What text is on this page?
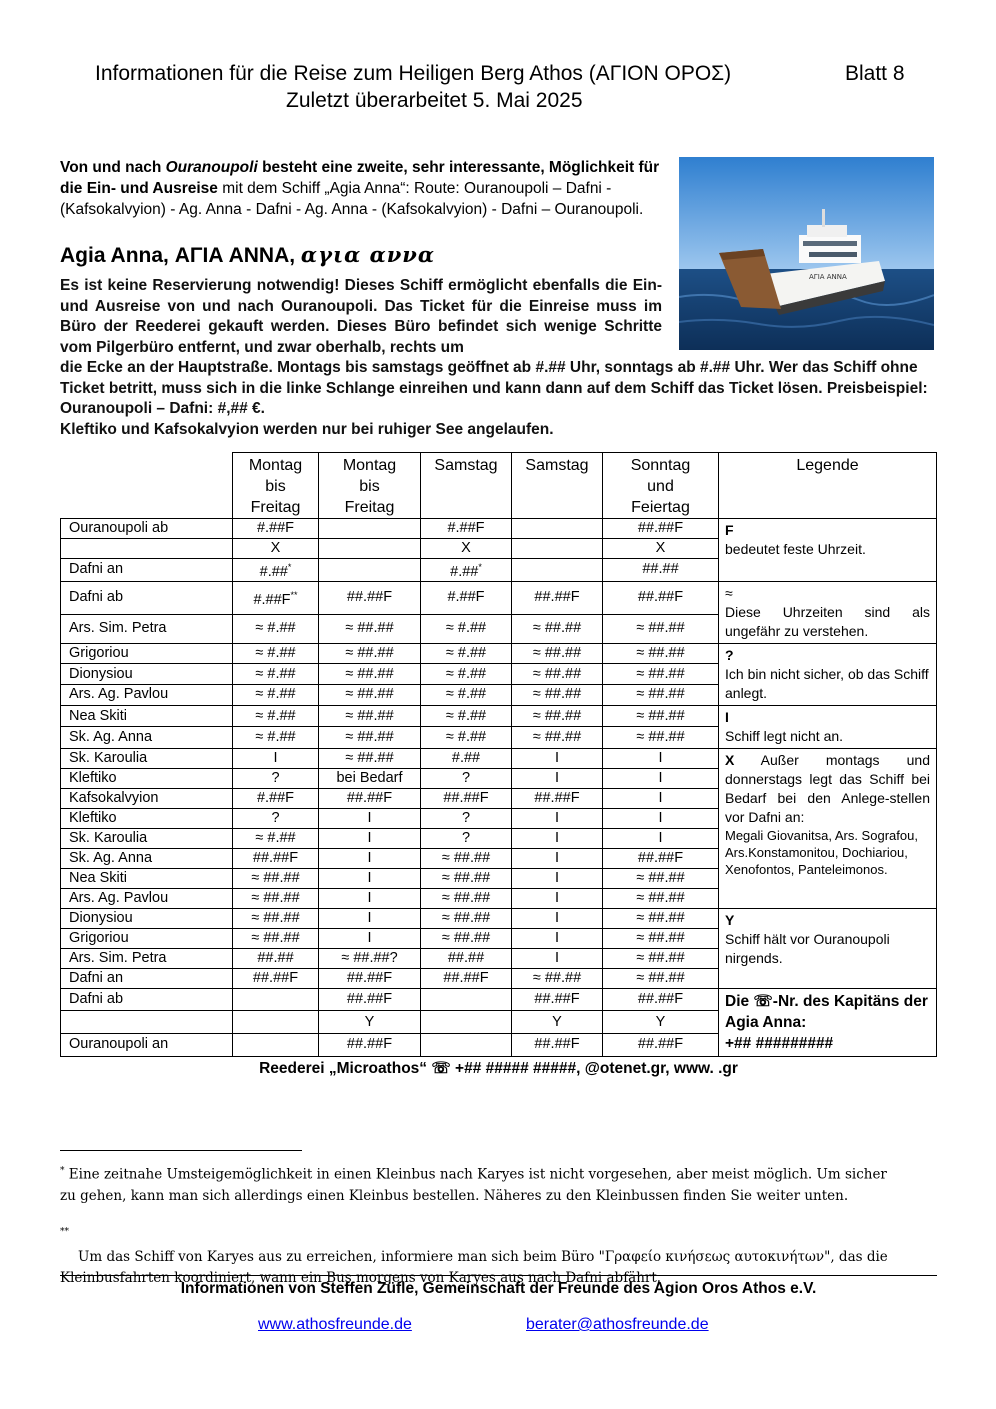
Informationen für die Reise zum Heiligen Berg Athos (ΑΓΙΟΝ ΟΡΟΣ)	Blatt 8
Zuletzt überarbeitet 5. Mai 2025
Von und nach Ouranoupoli besteht eine zweite, sehr interessante, Möglichkeit für die Ein- und Ausreise mit dem Schiff „Agia Anna“: Route: Ouranoupoli – Dafni - (Kafsokalvyion) - Ag. Anna - Dafni - Ag. Anna - (Kafsokalvyion) - Dafni – Ouranoupoli.
ΑΓΙΑ ΑΝΝΑ
Agia Anna, ΑΓΙΑ ΑΝΝΑ, αγια αννα
Es ist keine Reservierung notwendig! Dieses Schiff ermöglicht ebenfalls die Ein- und Ausreise von und nach Ouranoupoli. Das Ticket für die Einreise muss im Büro der Reederei gekauft werden. Dieses Büro befindet sich wenige Schritte vom Pilgerbüro entfernt, und zwar oberhalb, rechts um
die Ecke an der Hauptstraße. Montags bis samstags geöffnet ab #.## Uhr, sonntags ab #.## Uhr. Wer das Schiff ohne Ticket betritt, muss sich in die linke Schlange einreihen und kann dann auf dem Schiff das Ticket lösen. Preisbeispiel: Ouranoupoli – Dafni: #,## €.
Kleftiko und Kafsokalvyion werden nur bei ruhiger See angelaufen.
	Montag
bis
Freitag	Montag
bis
Freitag	Samstag	Samstag	Sonntag
und
Feiertag	Legende
Ouranoupoli ab	#.##F		#.##F		##.##F	F
bedeutet feste Uhrzeit.
	X		X		X	
Dafni an	#.##*		#.##*		##.##	
Dafni ab	#.##F**	##.##F	#.##F	##.##F	##.##F	≈

Diese Uhrzeiten sind als ungefähr zu verstehen.

Ars. Sim. Petra	≈ #.##	≈ ##.##	≈ #.##	≈ ##.##	≈ ##.##	
Grigoriou	≈ #.##	≈ ##.##	≈ #.##	≈ ##.##	≈ ##.##	?
Ich bin nicht sicher, ob das Schiff anlegt.
Dionysiou	≈ #.##	≈ ##.##	≈ #.##	≈ ##.##	≈ ##.##	
Ars. Ag. Pavlou	≈ #.##	≈ ##.##	≈ #.##	≈ ##.##	≈ ##.##	
Nea Skiti	≈ #.##	≈ ##.##	≈ #.##	≈ ##.##	≈ ##.##	I
Schiff legt nicht an.
Sk. Ag. Anna	≈ #.##	≈ ##.##	≈ #.##	≈ ##.##	≈ ##.##	
Sk. Karoulia	I	≈ ##.##	#.##	I	I	X Außer montags und donnerstags legt das Schiff bei Bedarf bei den Anlege-stellen vor Dafni an:
Megali Giovanitsa, Ars. Sografou, Ars.Konstamonitou, Dochiariou, Xenofontos, Panteleimonos.

Kleftiko	?	bei Bedarf	?	I	I	
Kafsokalvyion	#.##F	##.##F	##.##F	##.##F	I	
Kleftiko	?	I	?	I	I	
Sk. Karoulia	≈ #.##	I	?	I	I	
Sk. Ag. Anna	##.##F	I	≈ ##.##	I	##.##F	
Nea Skiti	≈ ##.##	I	≈ ##.##	I	≈ ##.##	
Ars. Ag. Pavlou	≈ ##.##	I	≈ ##.##	I	≈ ##.##	
Dionysiou	≈ ##.##	I	≈ ##.##	I	≈ ##.##	Y
Schiff hält vor Ouranoupoli nirgends.
Grigoriou	≈ ##.##	I	≈ ##.##	I	≈ ##.##	
Ars. Sim. Petra	##.##	≈ ##.##?	##.##	I	≈ ##.##	
Dafni an	##.##F	##.##F	##.##F	≈ ##.##	≈ ##.##	
Dafni ab		##.##F		##.##F	##.##F	Die ☏-Nr. des Kapitäns der Agia Anna:
+## #########
		Y		Y	Y	
Ouranoupoli an		##.##F		##.##F	##.##F	
Reederei „Microathos“ ☏ +## ##### #####, @otenet.gr, www. .gr
* Eine zeitnahe Umsteigemöglichkeit in einen Kleinbus nach Karyes ist nicht vorgesehen, aber meist möglich. Um sicher zu gehen, kann man sich allerdings einen Kleinbus bestellen. Näheres zu den Kleinbussen finden Sie weiter unten.
**
Um das Schiff von Karyes aus zu erreichen, informiere man sich beim Büro "Γραφείο κινήσεως αυτοκινήτων", das die Kleinbusfahrten koordiniert, wann ein Bus morgens von Karyes aus nach Dafni abfährt.
Informationen von Steffen Züfle, Gemeinschaft der Freunde des Agion Oros Athos e.V.
www.athosfreunde.de	berater@athosfreunde.de
